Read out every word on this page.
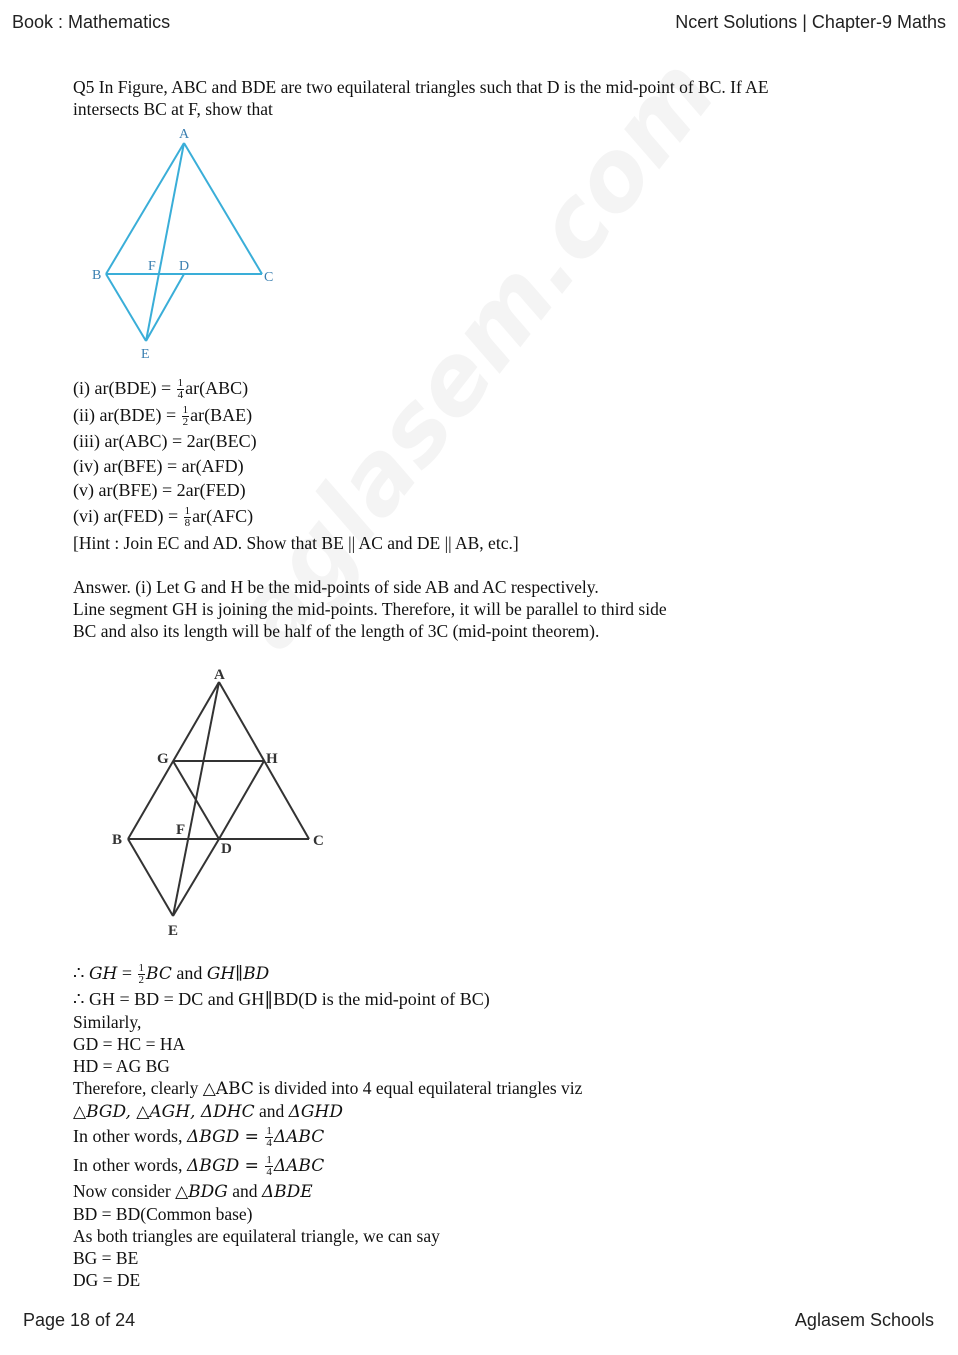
Book : Mathematics	Ncert Solutions | Chapter-9 Maths
Q5 In Figure, ABC and BDE are two equilateral triangles such that D is the mid-point of BC. If AE
intersects BC at F, show that
A
B	C
D
E
F
(i) $ar(BDE) = \frac{1}{4} ar(ABC)$
(ii) $ar(BDE) = \frac{1}{2} ar(BAE)$
(iii) ar(ABC) = 2ar(BEC)
(iv) ar(BFE) = ar(AFD)
(v) ar(BFE) = 2ar(FED)
(vi) $ar(FED) = \frac{1}{8} ar(AFC)$
[Hint : Join EC and AD. Show that BE || AC and DE || AB, etc.]
Answer. (i) Let G and H be the mid-points of side AB and AC respectively.
Line segment GH is joining the mid-points. Therefore, it will be parallel to third side
BC and also its length will be half of the length of 3C (mid-point theorem).
A
B	C
D
E
F
G	H
∴ GH = $\frac{1}{2}$ BC and GH∥BD
∴ GH = BD = DC and GH∥BD(D is the mid-point of BC)
Similarly,
GD = HC = HA
HD = AG BG
Therefore, clearly △ABC is divided into 4 equal equilateral triangles viz
△BGD, △AGH, ΔDHC and ΔGHD
In other words, $\Delta BGD = \frac{1}{4}$ ΔABC
In other words, $\Delta BGD = \frac{1}{4}$ ΔABC
Now consider △BDG and ΔBDE
BD = BD(Common base)
As both triangles are equilateral triangle, we can say
BG = BE
DG = DE
Page 18 of 24	Aglasem Schools
